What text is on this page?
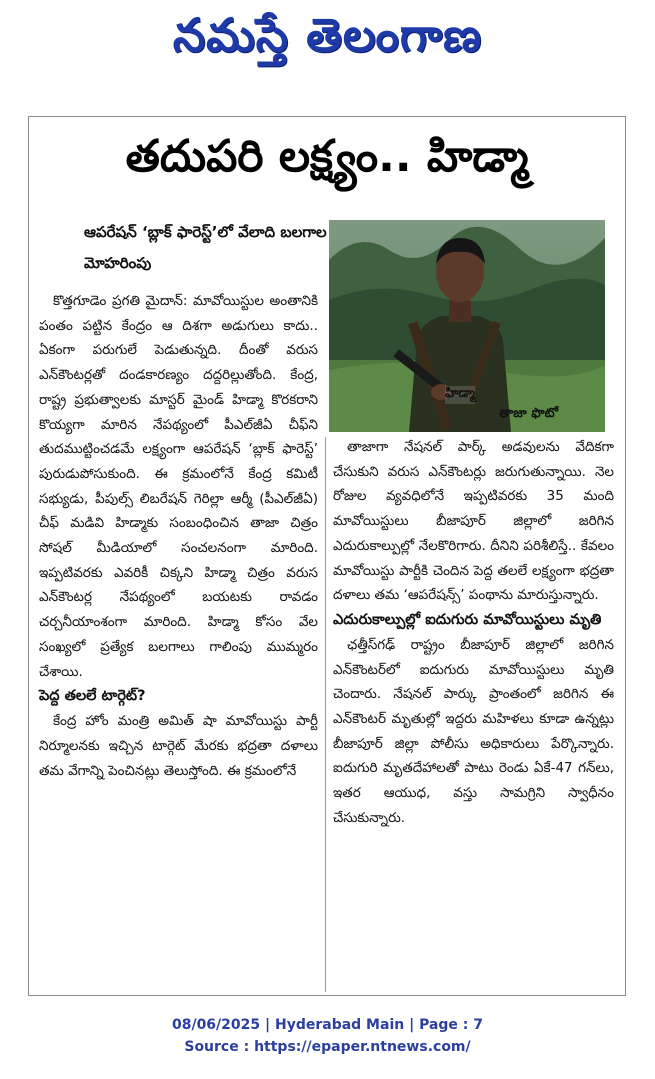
నమస్తే తెలంగాణ
తదుపరి లక్ష్యం.. హిడ్మా
ఆపరేషన్ ‘బ్లాక్ ఫారెస్ట్’లో వేలాది బలగాల మోహరింపు
హిడ్మా
తాజా ఫొటో

కొత్తగూడెం ప్రగతి మైదాన్: మావోయిస్టుల అంతానికి పంతం పట్టిన కేంద్రం ఆ దిశగా అడుగులు కాదు.. ఏకంగా పరుగులే పెడుతున్నది. దీంతో వరుస ఎన్‌కౌంటర్లతో దండకారణ్యం దద్దరిల్లుతోంది. కేంద్ర, రాష్ట్ర ప్రభుత్వాలకు మాస్టర్ మైండ్ హిడ్మా కొరకరాని కొయ్యగా మారిన నేపథ్యంలో పీఎల్‌జీఏ చీఫ్‌ని తుదముట్టించడమే లక్ష్యంగా ఆపరేషన్ ‘బ్లాక్ ఫారెస్ట్’ పురుడుపోసుకుంది. ఈ క్రమంలోనే కేంద్ర కమిటీ సభ్యుడు, పీపుల్స్ లిబరేషన్ గెరిల్లా ఆర్మీ (పీఎల్‌జీఏ) చీఫ్ మడివి హిడ్మాకు సంబంధించిన తాజా చిత్రం సోషల్ మీడియాలో సంచలనంగా మారింది. ఇప్పటివరకు ఎవరికీ చిక్కని హిడ్మా చిత్రం వరుస ఎన్‌కౌంటర్ల నేపథ్యంలో బయటకు రావడం చర్చనీయాంశంగా మారింది. హిడ్మా కోసం వేల సంఖ్యలో ప్రత్యేక బలగాలు గాలింపు ముమ్మరం చేశాయి.

పెద్ద తలలే టార్గెట్?

కేంద్ర హోం మంత్రి అమిత్ షా మావోయిస్టు పార్టీ నిర్మూలనకు ఇచ్చిన టార్గెట్ మేరకు భద్రతా దళాలు తమ వేగాన్ని పెంచినట్లు తెలుస్తోంది. ఈ క్రమంలోనే

తాజాగా నేషనల్ పార్క్ అడవులను వేదికగా చేసుకుని వరుస ఎన్‌కౌంటర్లు జరుగుతున్నాయి. నెల రోజుల వ్యవధిలోనే ఇప్పటివరకు 35 మంది మావోయిస్టులు బీజాపూర్ జిల్లాలో జరిగిన ఎదురుకాల్పుల్లో నేలకొరిగారు. దీనిని పరిశీలిస్తే.. కేవలం మావోయిస్టు పార్టీకి చెందిన పెద్ద తలలే లక్ష్యంగా భద్రతా దళాలు తమ ‘ఆపరేషన్స్’ పంథాను మారుస్తున్నారు.

ఎదురుకాల్పుల్లో ఐదుగురు మావోయిస్టులు మృతి

ఛత్తీస్‌గఢ్ రాష్ట్రం బీజాపూర్ జిల్లాలో జరిగిన ఎన్‌కౌంటర్‌లో ఐదుగురు మావోయిస్టులు మృతి చెందారు. నేషనల్ పార్కు ప్రాంతంలో జరిగిన ఈ ఎన్‌కౌంటర్ మృతుల్లో ఇద్దరు మహిళలు కూడా ఉన్నట్లు బీజాపూర్ జిల్లా పోలీసు అధికారులు పేర్కొన్నారు. ఐదుగురి మృతదేహాలతో పాటు రెండు ఏకే-47 గన్‌లు, ఇతర ఆయుధ, వస్తు సామగ్రిని స్వాధీనం చేసుకున్నారు.

08/06/2025 | Hyderabad Main | Page : 7
Source : https://epaper.ntnews.com/
